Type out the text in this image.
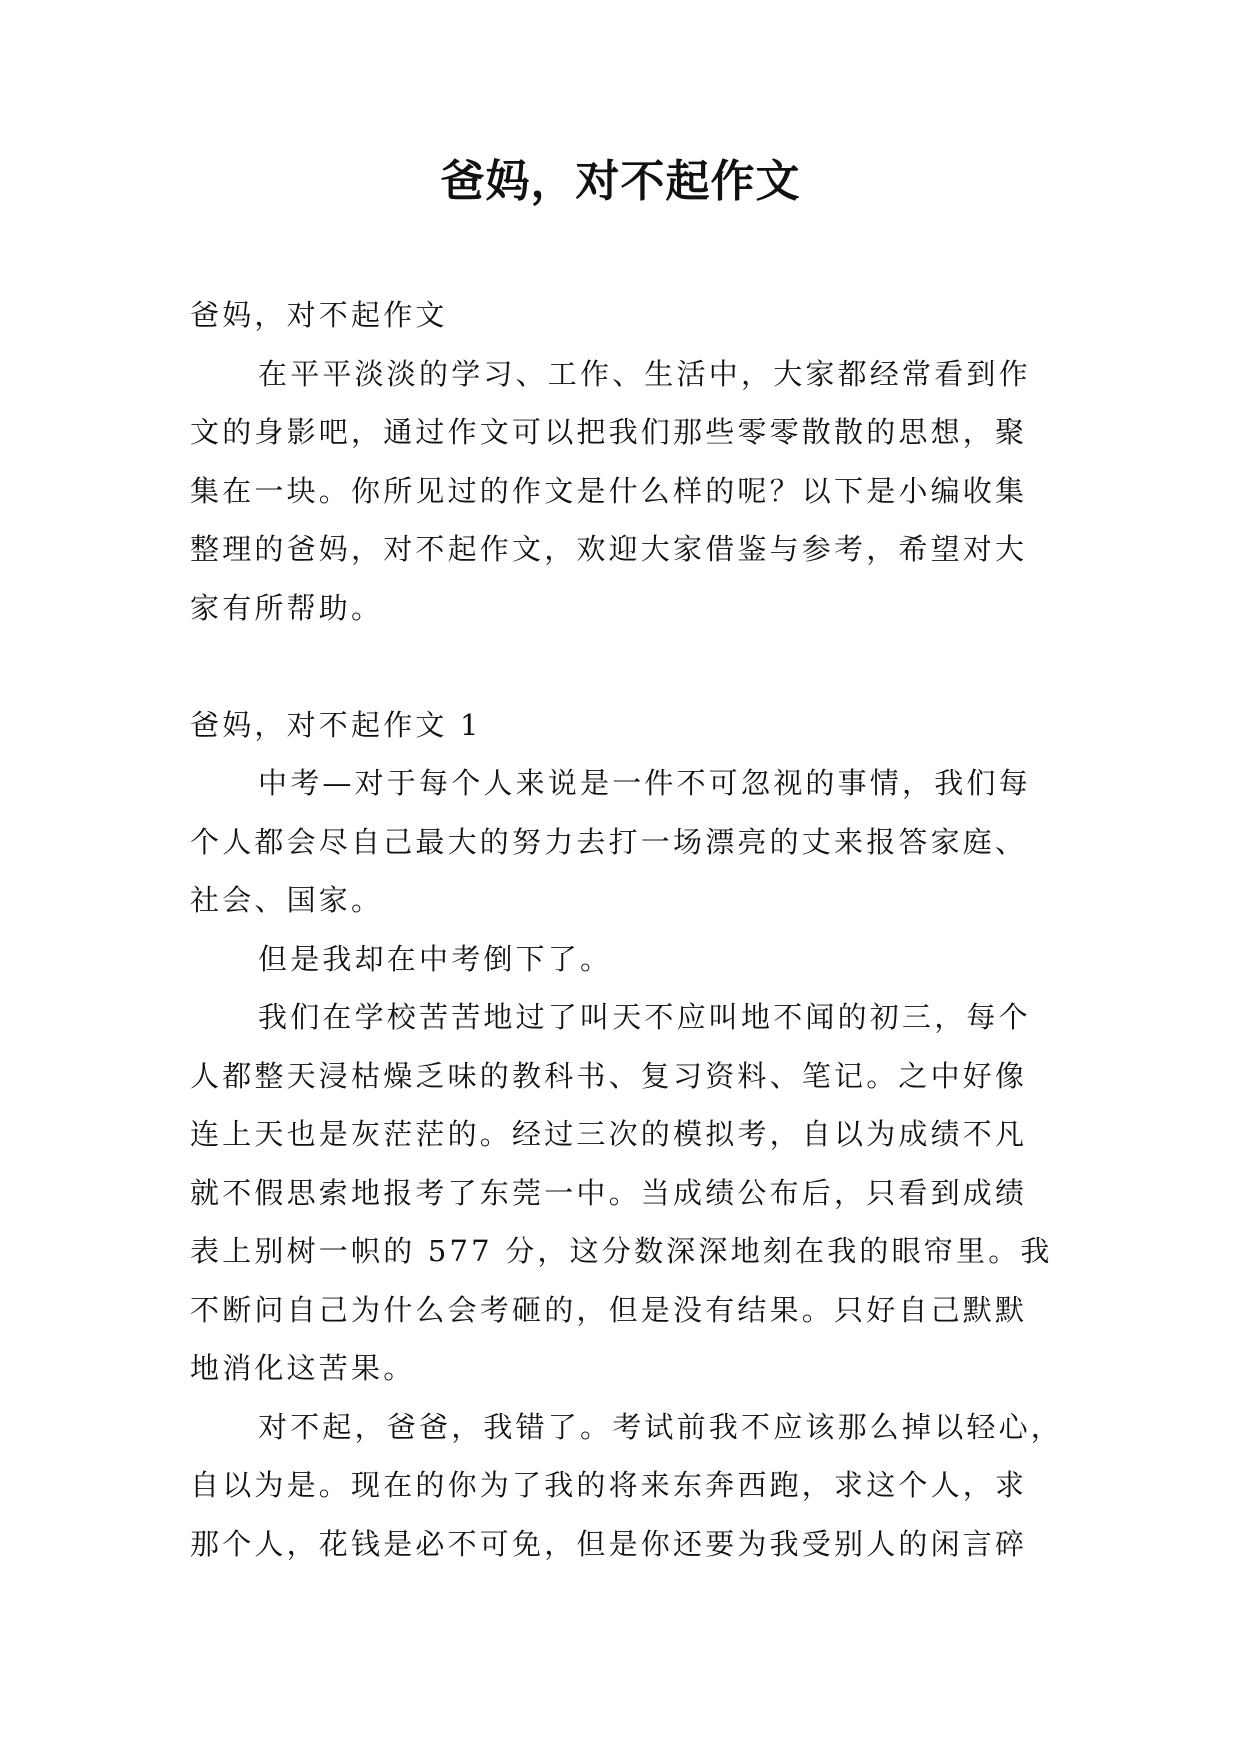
爸妈，对不起作文
爸妈，对不起作文
在平平淡淡的学习、工作、生活中，大家都经常看到作
文的身影吧，通过作文可以把我们那些零零散散的思想，聚
集在一块。你所见过的作文是什么样的呢？以下是小编收集
整理的爸妈，对不起作文，欢迎大家借鉴与参考，希望对大
家有所帮助。
爸妈，对不起作文 1
中考—对于每个人来说是一件不可忽视的事情，我们每
个人都会尽自己最大的努力去打一场漂亮的丈来报答家庭、
社会、国家。
但是我却在中考倒下了。
我们在学校苦苦地过了叫天不应叫地不闻的初三，每个
人都整天浸枯燥乏味的教科书、复习资料、笔记。之中好像
连上天也是灰茫茫的。经过三次的模拟考，自以为成绩不凡
就不假思索地报考了东莞一中。当成绩公布后，只看到成绩
表上别树一帜的 577 分，这分数深深地刻在我的眼帘里。我
不断问自己为什么会考砸的，但是没有结果。只好自己默默
地消化这苦果。
对不起，爸爸，我错了。考试前我不应该那么掉以轻心，
自以为是。现在的你为了我的将来东奔西跑，求这个人，求
那个人，花钱是必不可免，但是你还要为我受别人的闲言碎
